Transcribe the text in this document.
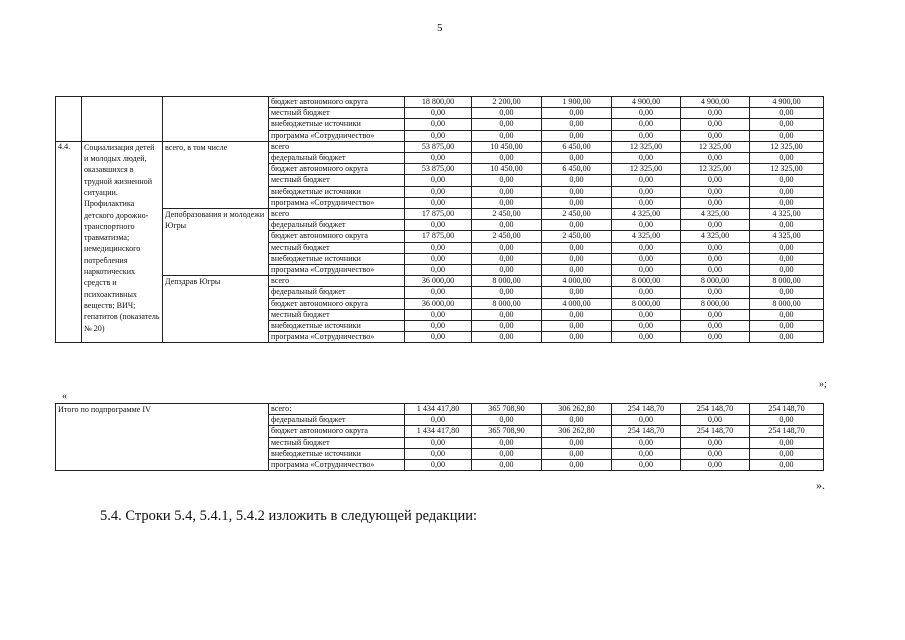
5
			бюджет автономного округа	18 800,00	2 200,00	1 900,00	4 900,00	4 900,00	4 900,00
			местный бюджет	0,00	0,00	0,00	0,00	0,00	0,00
			внебюджетные источники	0,00	0,00	0,00	0,00	0,00	0,00
			программа «Сотрудничество»	0,00	0,00	0,00	0,00	0,00	0,00
4.4.	Социализация детей и молодых людей, оказавшихся в трудной жизненной ситуации. Профилактика детского дорожно-транспортного травматизма; немедицинского потребления наркотических средств и психоактивных веществ; ВИЧ; гепатитов (показатель № 20)	всего, в том числе	всего	53 875,00	10 450,00	6 450,00	12 325,00	12 325,00	12 325,00
			федеральный бюджет	0,00	0,00	0,00	0,00	0,00	0,00
			бюджет автономного округа	53 875,00	10 450,00	6 450,00	12 325,00	12 325,00	12 325,00
			местный бюджет	0,00	0,00	0,00	0,00	0,00	0,00
			внебюджетные источники	0,00	0,00	0,00	0,00	0,00	0,00
			программа «Сотрудничество»	0,00	0,00	0,00	0,00	0,00	0,00
		Депобразования и молодежи Югры	всего	17 875,00	2 450,00	2 450,00	4 325,00	4 325,00	4 325,00
			федеральный бюджет	0,00	0,00	0,00	0,00	0,00	0,00
			бюджет автономного округа	17 875,00	2 450,00	2 450,00	4 325,00	4 325,00	4 325,00
			местный бюджет	0,00	0,00	0,00	0,00	0,00	0,00
			внебюджетные источники	0,00	0,00	0,00	0,00	0,00	0,00
			программа «Сотрудничество»	0,00	0,00	0,00	0,00	0,00	0,00
		Депздрав Югры	всего	36 000,00	8 000,00	4 000,00	8 000,00	8 000,00	8 000,00
			федеральный бюджет	0,00	0,00	0,00	0,00	0,00	0,00
			бюджет автономного округа	36 000,00	8 000,00	4 000,00	8 000,00	8 000,00	8 000,00
			местный бюджет	0,00	0,00	0,00	0,00	0,00	0,00
			внебюджетные источники	0,00	0,00	0,00	0,00	0,00	0,00
			программа «Сотрудничество»	0,00	0,00	0,00	0,00	0,00	0,00
»;
«
Итого по подпрограмме IV	всего:	1 434 417,80	365 708,90	306 262,80	254 148,70	254 148,70	254 148,70
	федеральный бюджет	0,00	0,00	0,00	0,00	0,00	0,00
	бюджет автономного округа	1 434 417,80	365 708,90	306 262,80	254 148,70	254 148,70	254 148,70
	местный бюджет	0,00	0,00	0,00	0,00	0,00	0,00
	внебюджетные источники	0,00	0,00	0,00	0,00	0,00	0,00
	программа «Сотрудничество»	0,00	0,00	0,00	0,00	0,00	0,00
».
5.4. Строки 5.4, 5.4.1, 5.4.2 изложить в следующей редакции:
